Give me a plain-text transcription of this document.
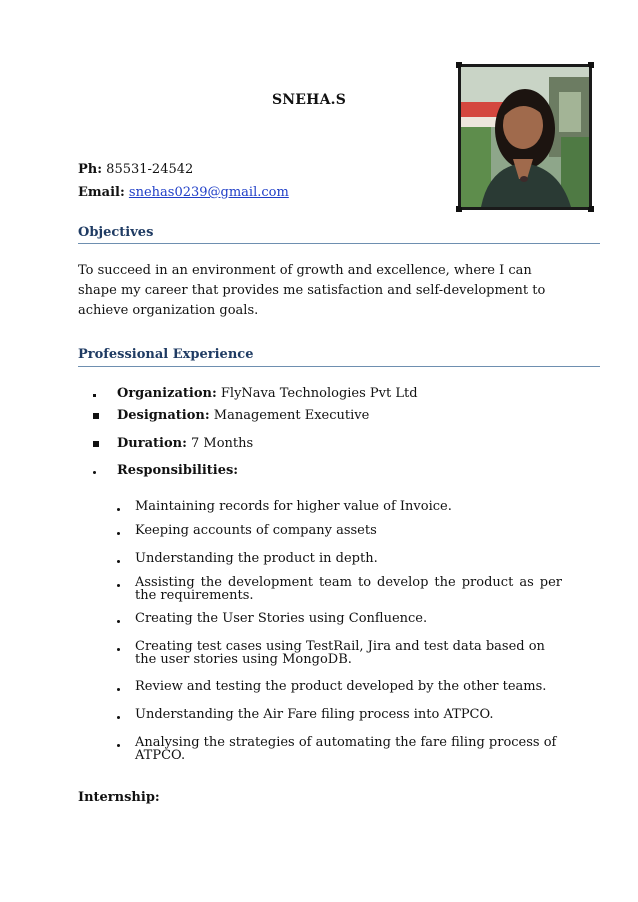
SNEHA.S
Ph: 85531-24542
Email: snehas0239@gmail.com
Objectives
To succeed in an environment of growth and excellence, where I can shape my career that provides me satisfaction and self-development to achieve organization goals.
Professional Experience
Organization: FlyNava Technologies Pvt Ltd
Designation: Management Executive
Duration: 7 Months
Responsibilities:
Maintaining records for higher value of Invoice.
Keeping accounts of company assets
Understanding the product in depth.
Assisting the development team to develop the product as per the requirements.
Creating the User Stories using Confluence.
Creating test cases using TestRail, Jira and test data based on the user stories using MongoDB.
Review and testing the product developed by the other teams.
Understanding the Air Fare filing process into ATPCO.
Analysing the strategies of automating the fare filing process of ATPCO.
Internship:
